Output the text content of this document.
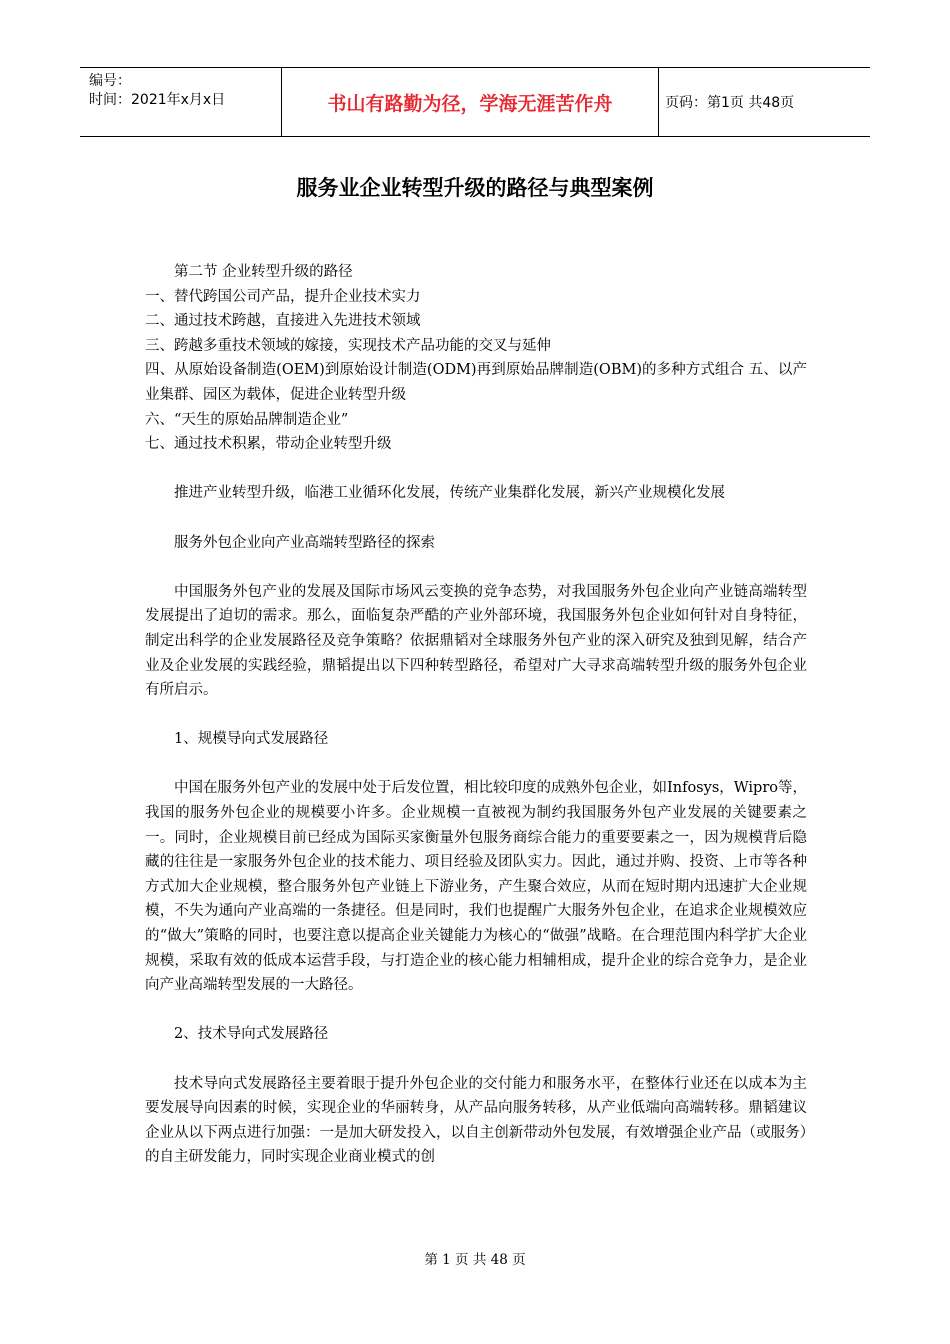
编号：
时间：2021年x月x日	书山有路勤为径，学海无涯苦作舟	页码：第1页 共48页
服务业企业转型升级的路径与典型案例

第二节 企业转型升级的路径

一、替代跨国公司产品，提升企业技术实力

二、通过技术跨越，直接进入先进技术领域

三、跨越多重技术领域的嫁接，实现技术产品功能的交叉与延伸

四、从原始设备制造(OEM)到原始设计制造(ODM)再到原始品牌制造(OBM)的多种方式组合 五、以产业集群、园区为载体，促进企业转型升级

六、“天生的原始品牌制造企业”

七、通过技术积累，带动企业转型升级

推进产业转型升级，临港工业循环化发展，传统产业集群化发展，新兴产业规模化发展

服务外包企业向产业高端转型路径的探索

中国服务外包产业的发展及国际市场风云变换的竞争态势，对我国服务外包企业向产业链高端转型发展提出了迫切的需求。那么，面临复杂严酷的产业外部环境，我国服务外包企业如何针对自身特征，制定出科学的企业发展路径及竞争策略？依据鼎韬对全球服务外包产业的深入研究及独到见解，结合产业及企业发展的实践经验，鼎韬提出以下四种转型路径，希望对广大寻求高端转型升级的服务外包企业有所启示。

1、规模导向式发展路径

中国在服务外包产业的发展中处于后发位置，相比较印度的成熟外包企业，如Infosys，Wipro等，我国的服务外包企业的规模要小许多。企业规模一直被视为制约我国服务外包产业发展的关键要素之一。同时，企业规模目前已经成为国际买家衡量外包服务商综合能力的重要要素之一，因为规模背后隐藏的往往是一家服务外包企业的技术能力、项目经验及团队实力。因此，通过并购、投资、上市等各种方式加大企业规模，整合服务外包产业链上下游业务，产生聚合效应，从而在短时期内迅速扩大企业规模，不失为通向产业高端的一条捷径。但是同时，我们也提醒广大服务外包企业，在追求企业规模效应的“做大”策略的同时，也要注意以提高企业关键能力为核心的“做强”战略。在合理范围内科学扩大企业规模，采取有效的低成本运营手段，与打造企业的核心能力相辅相成，提升企业的综合竞争力，是企业向产业高端转型发展的一大路径。

2、技术导向式发展路径

技术导向式发展路径主要着眼于提升外包企业的交付能力和服务水平，在整体行业还在以成本为主要发展导向因素的时候，实现企业的华丽转身，从产品向服务转移，从产业低端向高端转移。鼎韬建议企业从以下两点进行加强：一是加大研发投入，以自主创新带动外包发展，有效增强企业产品（或服务）的自主研发能力，同时实现企业商业模式的创

第 1 页 共 48 页
